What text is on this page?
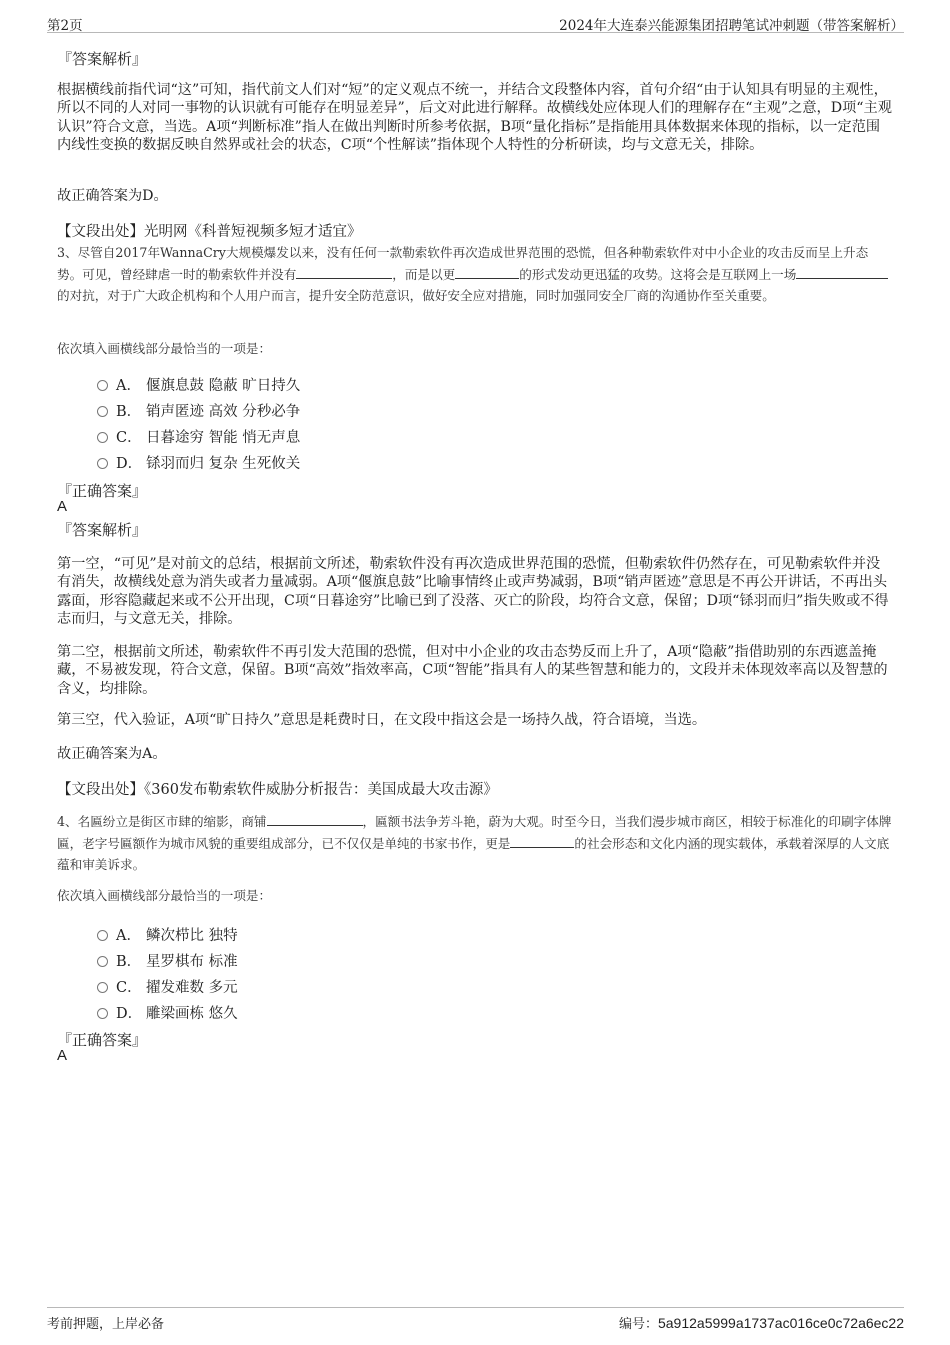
第2页	2024年大连泰兴能源集团招聘笔试冲刺题（带答案解析）
『答案解析』
根据横线前指代词“这”可知，指代前文人们对“短”的定义观点不统一，并结合文段整体内容，首句介绍“由于认知具有明显的主观性，所以不同的人对同一事物的认识就有可能存在明显差异”，后文对此进行解释。故横线处应体现人们的理解存在“主观”之意，D项“主观认识”符合文意，当选。A项“判断标准”指人在做出判断时所参考依据，B项“量化指标”是指能用具体数据来体现的指标，以一定范围内线性变换的数据反映自然界或社会的状态，C项“个性解读”指体现个人特性的分析研读，均与文意无关，排除。
故正确答案为D。
【文段出处】光明网《科普短视频多短才适宜》
3、尽管自2017年WannaCry大规模爆发以来，没有任何一款勒索软件再次造成世界范围的恐慌，但各种勒索软件对中小企业的攻击反而呈上升态势。可见，曾经肆虐一时的勒索软件并没有	，而是以更	的形式发动更迅猛的攻势。这将会是互联网上一场的对抗，对于广大政企机构和个人用户而言，提升安全防范意识，做好安全应对措施，同时加强同安全厂商的沟通协作至关重要。
依次填入画横线部分最恰当的一项是：
A． 偃旗息鼓 隐蔽 旷日持久
B． 销声匿迹 高效 分秒必争
C． 日暮途穷 智能 悄无声息
D． 铩羽而归 复杂 生死攸关
『正确答案』
A
『答案解析』
第一空，“可见”是对前文的总结，根据前文所述，勒索软件没有再次造成世界范围的恐慌，但勒索软件仍然存在，可见勒索软件并没有消失，故横线处意为消失或者力量减弱。A项“偃旗息鼓”比喻事情终止或声势减弱，B项“销声匿迹”意思是不再公开讲话，不再出头露面，形容隐藏起来或不公开出现，C项“日暮途穷”比喻已到了没落、灭亡的阶段，均符合文意，保留；D项“铩羽而归”指失败或不得志而归，与文意无关，排除。
第二空，根据前文所述，勒索软件不再引发大范围的恐慌，但对中小企业的攻击态势反而上升了，A项“隐蔽”指借助别的东西遮盖掩藏，不易被发现，符合文意，保留。B项“高效”指效率高，C项“智能”指具有人的某些智慧和能力的，文段并未体现效率高以及智慧的含义，均排除。
第三空，代入验证，A项“旷日持久”意思是耗费时日，在文段中指这会是一场持久战，符合语境，当选。
故正确答案为A。
【文段出处】《360发布勒索软件威胁分析报告：美国成最大攻击源》
4、名匾纷立是街区市肆的缩影，商铺	，匾额书法争芳斗艳，蔚为大观。时至今日，当我们漫步城市商区，相较于标准化的印刷字体牌匾，老字号匾额作为城市风貌的重要组成部分，已不仅仅是单纯的书家书作，更是	的社会形态和文化内涵的现实载体，承载着深厚的人文底蕴和审美诉求。
依次填入画横线部分最恰当的一项是：
A． 鳞次栉比 独特
B． 星罗棋布 标准
C． 擢发难数 多元
D． 雕梁画栋 悠久
『正确答案』
A
考前押题，上岸必备	编号：5a912a5999a1737ac016ce0c72a6ec22
